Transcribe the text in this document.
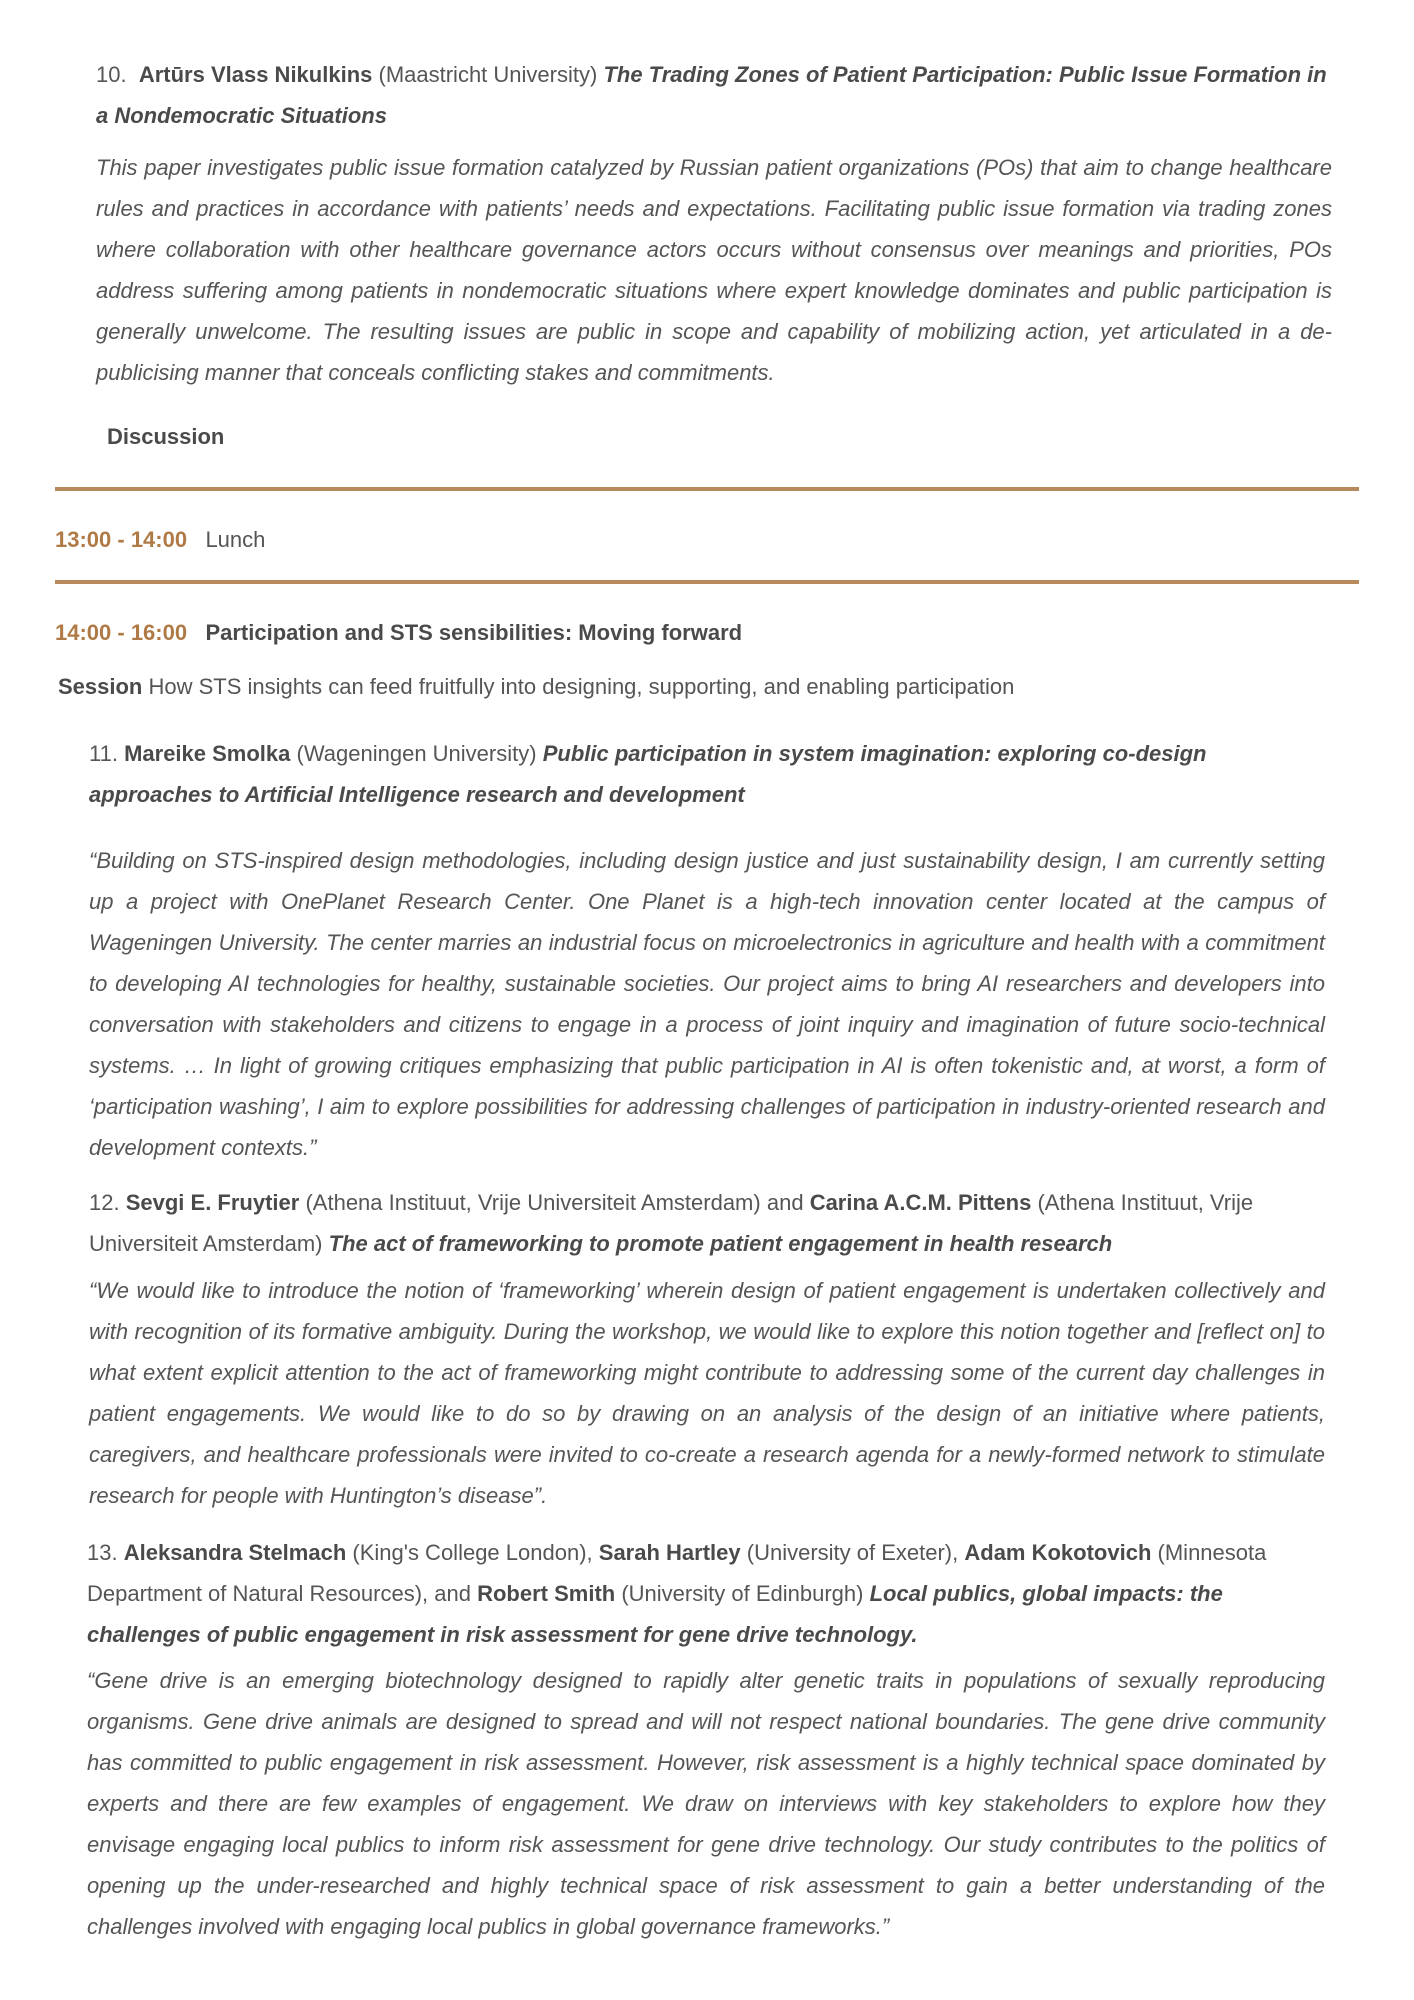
10. Artūrs Vlass Nikulkins (Maastricht University) The Trading Zones of Patient Participation: Public Issue Formation in a Nondemocratic Situations

This paper investigates public issue formation catalyzed by Russian patient organizations (POs) that aim to change healthcare rules and practices in accordance with patients’ needs and expectations. Facilitating public issue formation via trading zones where collaboration with other healthcare governance actors occurs without consensus over meanings and priorities, POs address suffering among patients in nondemocratic situations where expert knowledge dominates and public participation is generally unwelcome. The resulting issues are public in scope and capability of mobilizing action, yet articulated in a de-publicising manner that conceals conflicting stakes and commitments.

Discussion
13:00 - 14:00 Lunch
14:00 - 16:00 Participation and STS sensibilities: Moving forward
Session How STS insights can feed fruitfully into designing, supporting, and enabling participation

11. Mareike Smolka (Wageningen University) Public participation in system imagination: exploring co-design approaches to Artificial Intelligence research and development

“Building on STS-inspired design methodologies, including design justice and just sustainability design, I am currently setting up a project with OnePlanet Research Center. One Planet is a high-tech innovation center located at the campus of Wageningen University. The center marries an industrial focus on microelectronics in agriculture and health with a commitment to developing AI technologies for healthy, sustainable societies. Our project aims to bring AI researchers and developers into conversation with stakeholders and citizens to engage in a process of joint inquiry and imagination of future socio-technical systems. … In light of growing critiques emphasizing that public participation in AI is often tokenistic and, at worst, a form of ‘participation washing’, I aim to explore possibilities for addressing challenges of participation in industry-oriented research and development contexts.”

12. Sevgi E. Fruytier (Athena Instituut, Vrije Universiteit Amsterdam) and Carina A.C.M. Pittens (Athena Instituut, Vrije Universiteit Amsterdam) The act of frameworking to promote patient engagement in health research

“We would like to introduce the notion of ‘frameworking’ wherein design of patient engagement is undertaken collectively and with recognition of its formative ambiguity. During the workshop, we would like to explore this notion together and [reflect on] to what extent explicit attention to the act of frameworking might contribute to addressing some of the current day challenges in patient engagements. We would like to do so by drawing on an analysis of the design of an initiative where patients, caregivers, and healthcare professionals were invited to co-create a research agenda for a newly-formed network to stimulate research for people with Huntington’s disease”.

13. Aleksandra Stelmach (King's College London), Sarah Hartley (University of Exeter), Adam Kokotovich (Minnesota Department of Natural Resources), and Robert Smith (University of Edinburgh) Local publics, global impacts: the challenges of public engagement in risk assessment for gene drive technology.

“Gene drive is an emerging biotechnology designed to rapidly alter genetic traits in populations of sexually reproducing organisms. Gene drive animals are designed to spread and will not respect national boundaries. The gene drive community has committed to public engagement in risk assessment. However, risk assessment is a highly technical space dominated by experts and there are few examples of engagement. We draw on interviews with key stakeholders to explore how they envisage engaging local publics to inform risk assessment for gene drive technology. Our study contributes to the politics of opening up the under-researched and highly technical space of risk assessment to gain a better understanding of the challenges involved with engaging local publics in global governance frameworks.”
